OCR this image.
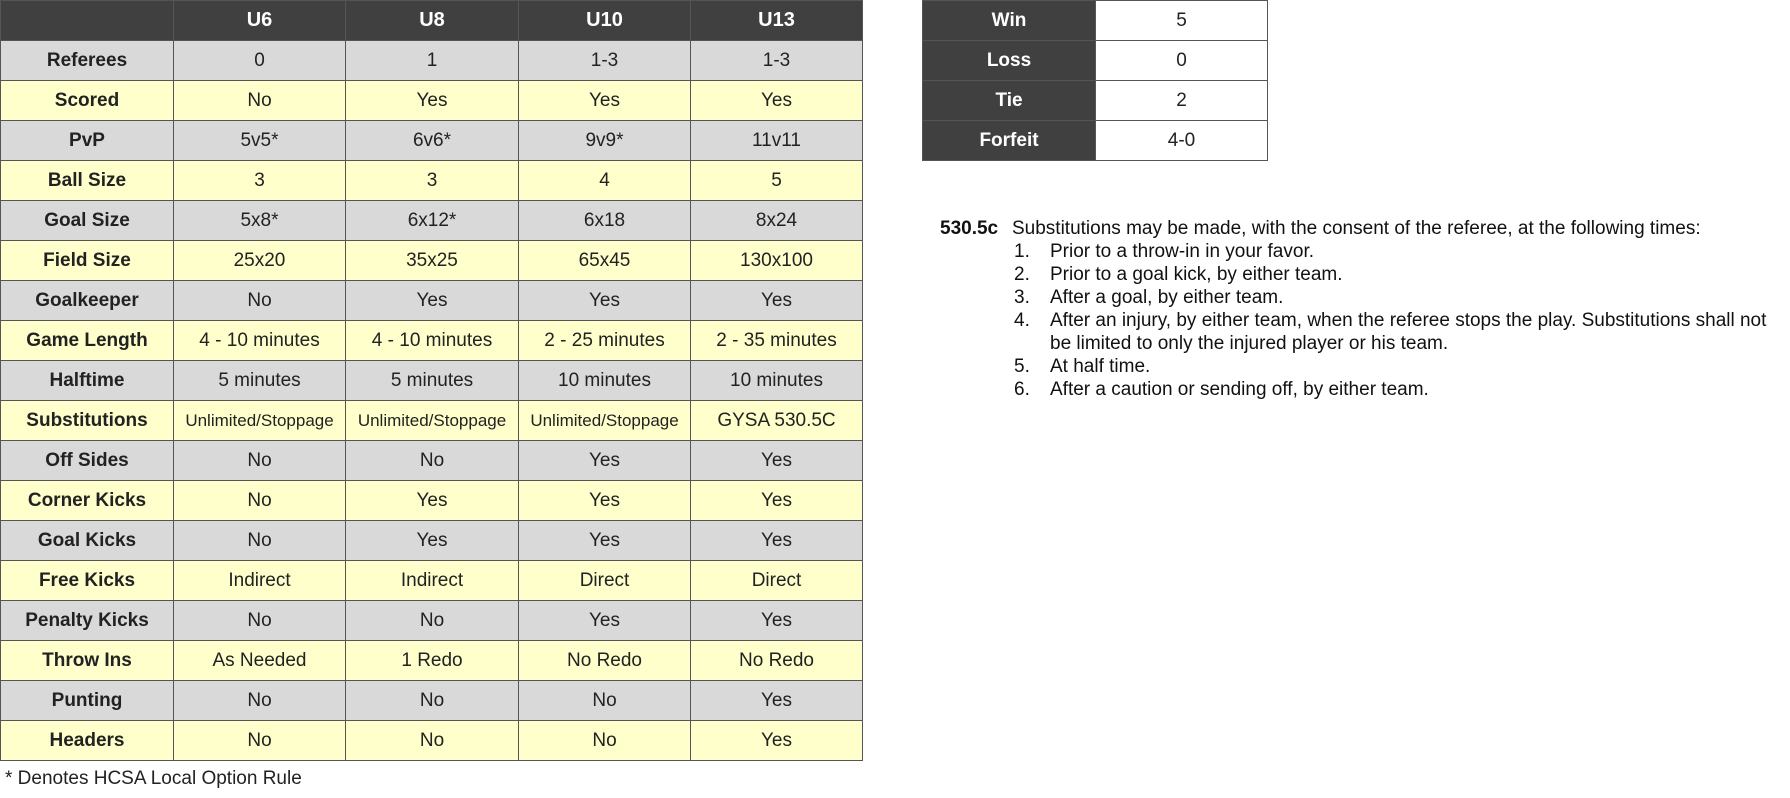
	U6	U8	U10	U13
Referees	0	1	1-3	1-3
Scored	No	Yes	Yes	Yes
PvP	5v5*	6v6*	9v9*	11v11
Ball Size	3	3	4	5
Goal Size	5x8*	6x12*	6x18	8x24
Field Size	25x20	35x25	65x45	130x100
Goalkeeper	No	Yes	Yes	Yes
Game Length	4 - 10 minutes	4 - 10 minutes	2 - 25 minutes	2 - 35 minutes
Halftime	5 minutes	5 minutes	10 minutes	10 minutes
Substitutions	Unlimited/Stoppage	Unlimited/Stoppage	Unlimited/Stoppage	GYSA 530.5C
Off Sides	No	No	Yes	Yes
Corner Kicks	No	Yes	Yes	Yes
Goal Kicks	No	Yes	Yes	Yes
Free Kicks	Indirect	Indirect	Direct	Direct
Penalty Kicks	No	No	Yes	Yes
Throw Ins	As Needed	1 Redo	No Redo	No Redo
Punting	No	No	No	Yes
Headers	No	No	No	Yes
* Denotes HCSA Local Option Rule
Win	5
Loss	0
Tie	2
Forfeit	4-0
530.5c Substitutions may be made, with the consent of the referee, at the following times:
1.	Prior to a throw-in in your favor.
2.	Prior to a goal kick, by either team.
3.	After a goal, by either team.
4.	After an injury, by either team, when the referee stops the play. Substitutions shall not be limited to only the injured player or his team.
5.	At half time.
6.	After a caution or sending off, by either team.
